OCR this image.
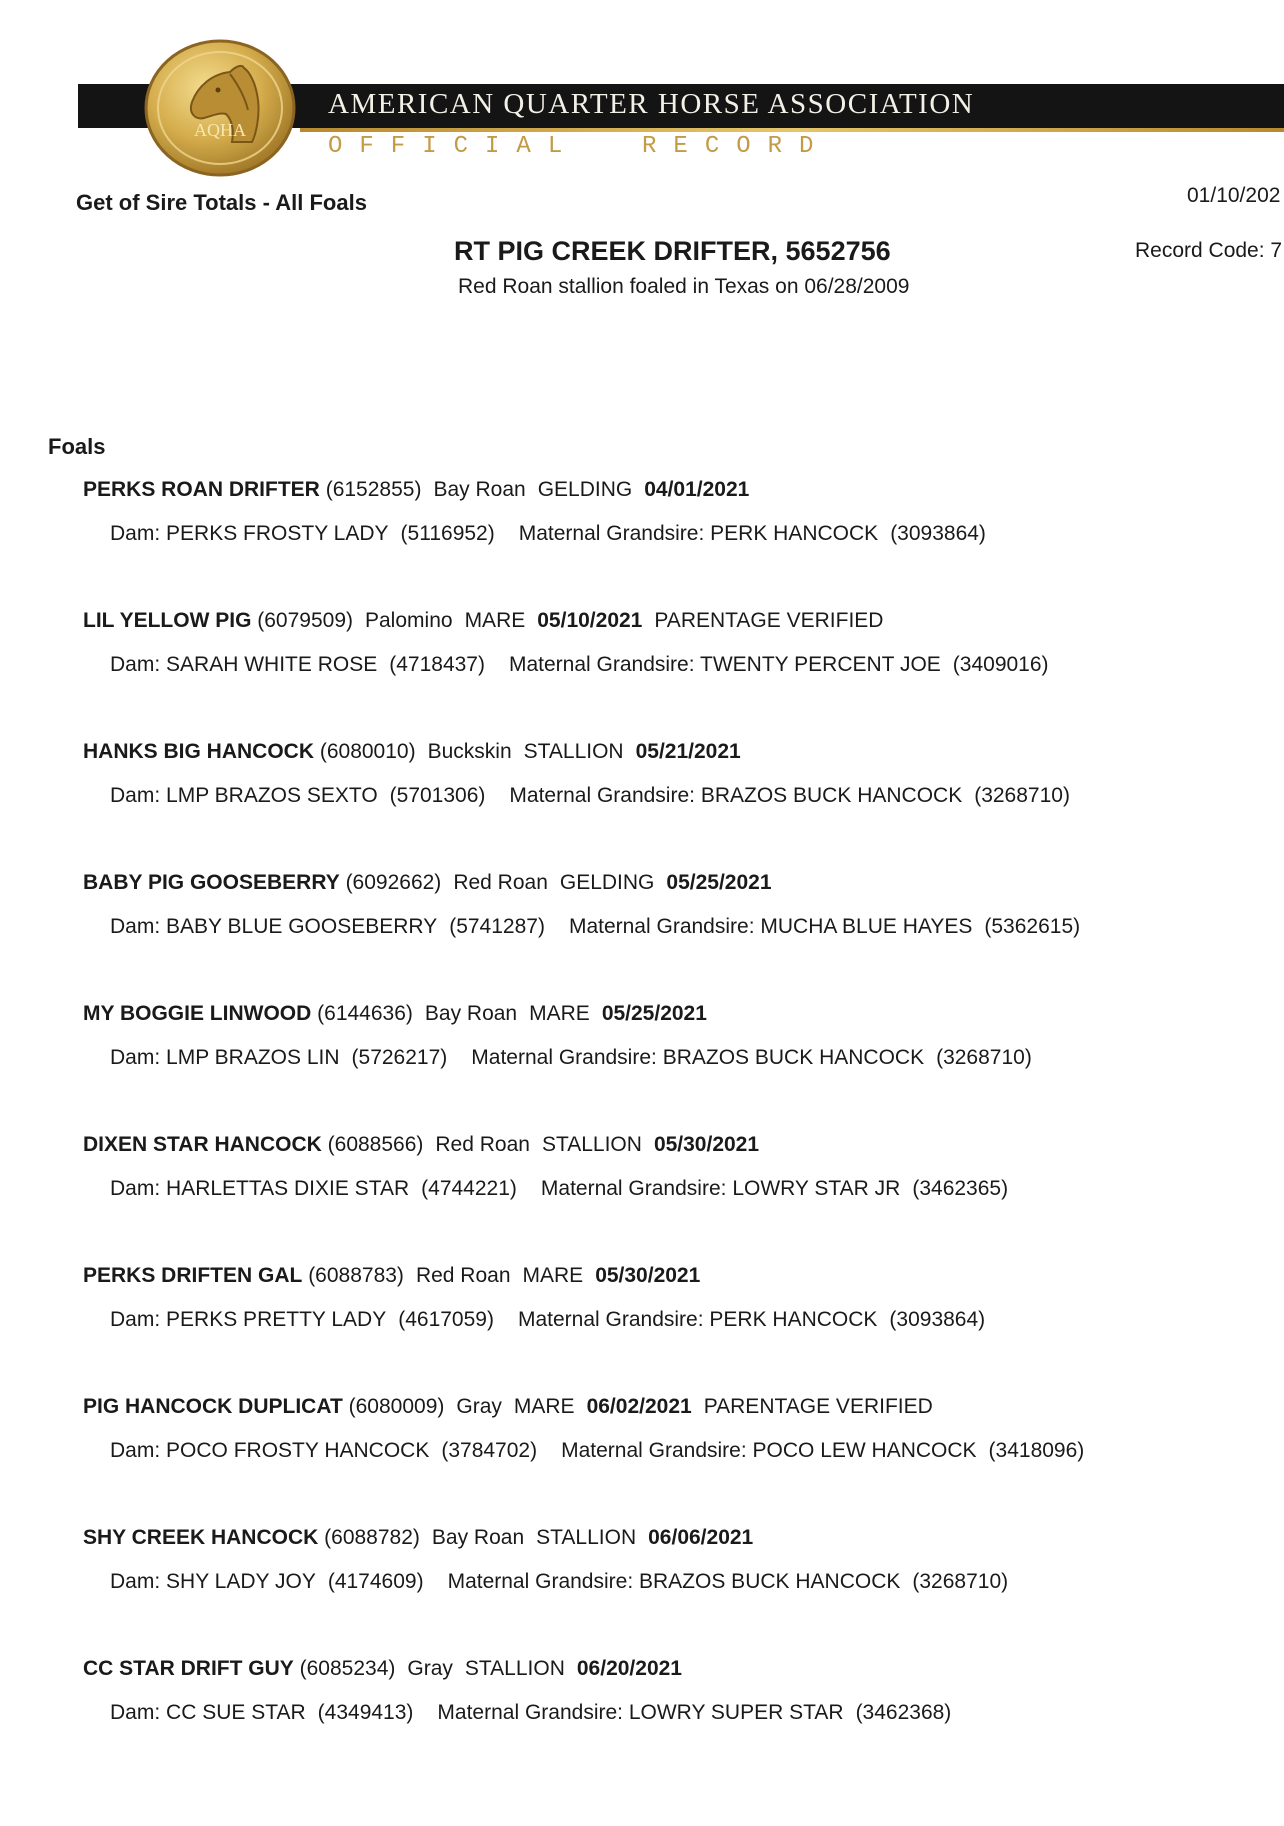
AMERICAN QUARTER HORSE ASSOCIATION
OFFICIAL  RECORD
AQHA
Get of Sire Totals - All Foals	01/10/202
Record Code: 7
RT PIG CREEK DRIFTER, 5652756
Red Roan stallion foaled in Texas on 06/28/2009
Foals
PERKS ROAN DRIFTER (6152855) Bay Roan GELDING 04/01/2021
Dam: PERKS FROSTY LADY (5116952) Maternal Grandsire: PERK HANCOCK (3093864)
LIL YELLOW PIG (6079509) Palomino MARE 05/10/2021 PARENTAGE VERIFIED
Dam: SARAH WHITE ROSE (4718437) Maternal Grandsire: TWENTY PERCENT JOE (3409016)
HANKS BIG HANCOCK (6080010) Buckskin STALLION 05/21/2021
Dam: LMP BRAZOS SEXTO (5701306) Maternal Grandsire: BRAZOS BUCK HANCOCK (3268710)
BABY PIG GOOSEBERRY (6092662) Red Roan GELDING 05/25/2021
Dam: BABY BLUE GOOSEBERRY (5741287) Maternal Grandsire: MUCHA BLUE HAYES (5362615)
MY BOGGIE LINWOOD (6144636) Bay Roan MARE 05/25/2021
Dam: LMP BRAZOS LIN (5726217) Maternal Grandsire: BRAZOS BUCK HANCOCK (3268710)
DIXEN STAR HANCOCK (6088566) Red Roan STALLION 05/30/2021
Dam: HARLETTAS DIXIE STAR (4744221) Maternal Grandsire: LOWRY STAR JR (3462365)
PERKS DRIFTEN GAL (6088783) Red Roan MARE 05/30/2021
Dam: PERKS PRETTY LADY (4617059) Maternal Grandsire: PERK HANCOCK (3093864)
PIG HANCOCK DUPLICAT (6080009) Gray MARE 06/02/2021 PARENTAGE VERIFIED
Dam: POCO FROSTY HANCOCK (3784702) Maternal Grandsire: POCO LEW HANCOCK (3418096)
SHY CREEK HANCOCK (6088782) Bay Roan STALLION 06/06/2021
Dam: SHY LADY JOY (4174609) Maternal Grandsire: BRAZOS BUCK HANCOCK (3268710)
CC STAR DRIFT GUY (6085234) Gray STALLION 06/20/2021
Dam: CC SUE STAR (4349413) Maternal Grandsire: LOWRY SUPER STAR (3462368)
